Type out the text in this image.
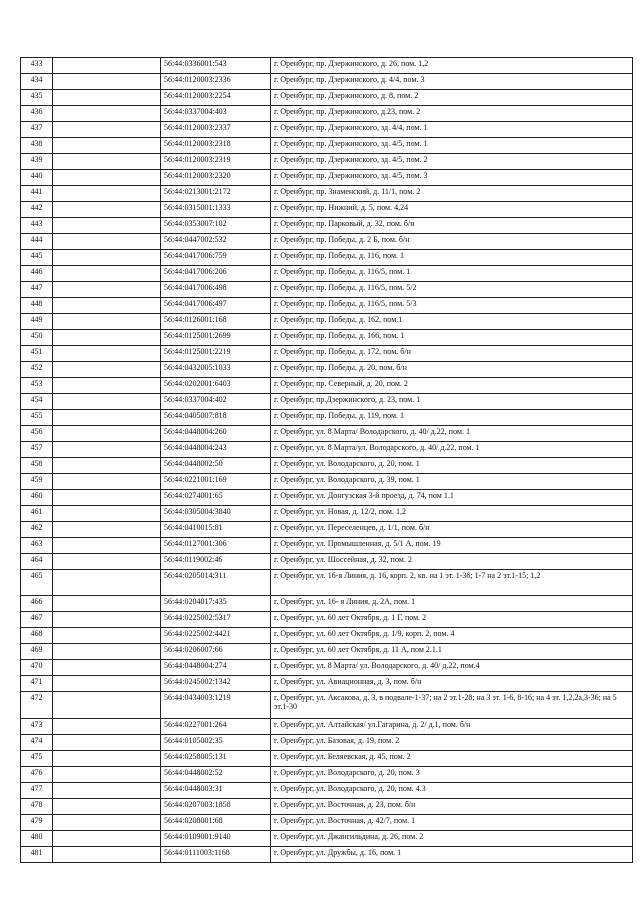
433		56:44:0336001:543	г. Оренбург, пр. Дзержинского, д. 26, пом. 1,2
434		56:44:0120003:2336	г. Оренбург, пр. Дзержинского, д. 4/4, пом. 3
435		56:44:0120003:2254	г. Оренбург, пр. Дзержинского, д. 8, пом. 2
436		56:44:0337004:403	г. Оренбург, пр. Дзержинского, д.23, пом. 2
437		56:44:0120003:2337	г. Оренбург, пр. Дзержинского, зд. 4/4, пом. 1
438		56:44:0120003:2318	г. Оренбург, пр. Дзержинского, зд. 4/5, пом. 1
439		56:44:0120003:2319	г. Оренбург, пр. Дзержинского, зд. 4/5, пом. 2
440		56:44:0120003:2320	г. Оренбург, пр. Дзержинского, зд. 4/5, пом. 3
441		56:44:0213001:2172	г. Оренбург, пр. Знаменский, д. 11/1, пом. 2
442		56:44:0315001:1333	г. Оренбург, пр. Нижний, д. 5, пом. 4,24
443		56:44:0353007:102	г. Оренбург, пр. Парковый, д. 32, пом. б/н
444		56:44:0447002:532	г. Оренбург, пр. Победы, д. 2 Б, пом. б/н
445		56:44:0417006:759	г. Оренбург, пр. Победы, д. 116, пом. 1
446		56:44:0417006:206	г. Оренбург, пр. Победы, д. 116/5, пом. 1
447		56:44:0417006:498	г. Оренбург, пр. Победы, д. 116/5, пом. 5/2
448		56:44:0417006:497	г. Оренбург, пр. Победы, д. 116/5, пом. 5/3
449		56:44:0126001:168	г. Оренбург, пр. Победы, д. 162, пом.1
450		56:44:0125001:2699	г. Оренбург, пр. Победы, д. 166, пом. 1
451		56:44:0125001:2219	г. Оренбург, пр. Победы, д. 172, пом. б/н
452		56:44:0432005:1033	г. Оренбург, пр. Победы, д. 20, пом. б/н
453		56:44:0202001:6403	г. Оренбург, пр. Северный, д. 20, пом. 2
454		56:44:0337004:402	г. Оренбург, пр.Дзержинского, д. 23, пом. 1
455		56:44:0405007:818	г. Оренбург, пр. Победы, д. 119, пом. 1
456		56:44:0448004:260	г. Оренбург, ул. 8 Марта/ Володарского, д. 40/ д.22, пом. 1
457		56:44:0448004:243	г. Оренбург, ул. 8 Марта/ул. Володарского, д. 40/ д.22, пом. 1
458		56:44:0448002:50	г. Оренбург, ул. Володарского, д. 20, пом. 1
459		56:44:0221001:169	г. Оренбург, ул. Володарского, д. 39, пом. 1
460		56:44:0274001:65	г. Оренбург, ул. Донгузская 3-й проезд, д. 74, пом 1.1
461		56:44:0305004:3840	г. Оренбург, ул. Новая, д. 12/2, пом. 1,2
462		56:44:0410015:81	г. Оренбург, ул. Переселенцев, д. 1/1, пом. б/н
463		56:44:0127001:306	г. Оренбург, ул. Промышленная, д. 5/1 А, пом. 19
464		56:44:0119002:46	г. Оренбург, ул. Шоссейная, д. 32, пом. 2
465		56:44:0205014:311	г. Оренбург, ул. 16-я Линия, д. 16, корп. 2, кв. на 1 эт. 1-36; 1-7 на 2 эт.1-15; 1,2
466		56:44:0204017:435	г. Оренбург, ул. 16- я Линия, д. 2А, пом. 1
467		56:44:0225002:5317	г. Оренбург, ул. 60 лет Октября, д. 1 Г, пом. 2
468		56:44:0225002:4421	г. Оренбург, ул. 60 лет Октября, д. 1/9, корп. 2, пом. 4
469		56:44:0206007:66	г. Оренбург, ул. 60 лет Октября, д. 11 А, пом 2.1.1
470		56:44:0448004:274	г. Оренбург, ул. 8 Марта/ ул. Володарского, д. 40/ д.22, пом.4
471		56:44:0245002:1342	г. Оренбург, ул. Авиационная, д. 3, пом. б/н
472		56:44:0434003:1219	г. Оренбург, ул. Аксакова, д. 3, в подвале-1-37; на 2 эт.1-28; на 3 эт. 1-6, 8-16; на 4 эт. 1,2,2а,3-36; на 5 эт.1-30
473		56:44:0227001:264	г. Оренбург, ул. Алтайская/ ул.Гагарина, д. 2/ д.1, пом. б/н
474		56:44:0105002:35	г. Оренбург, ул. Базовая, д. 19, пом. 2
475		56:44:0258005:131	г. Оренбург, ул. Беляевская, д. 45, пом. 2
476		56:44:0448002:52	г. Оренбург, ул. Володарского, д. 20, пом. 3
477		56:44:0448003:31	г. Оренбург, ул. Володарского, д. 20, пом. 4.3
478		56:44:0207003:1858	г. Оренбург, ул. Восточная, д. 23, пом. б/н
479		56:44:0208001:68	г. Оренбург, ул. Восточная, д. 42/7, пом. 1
480		56:44:0109001:9140	г. Оренбург, ул. Джангильдина, д. 26, пом. 2
481		56:44:0111003:1168	г. Оренбург, ул. Дружбы, д. 16, пом. 1
